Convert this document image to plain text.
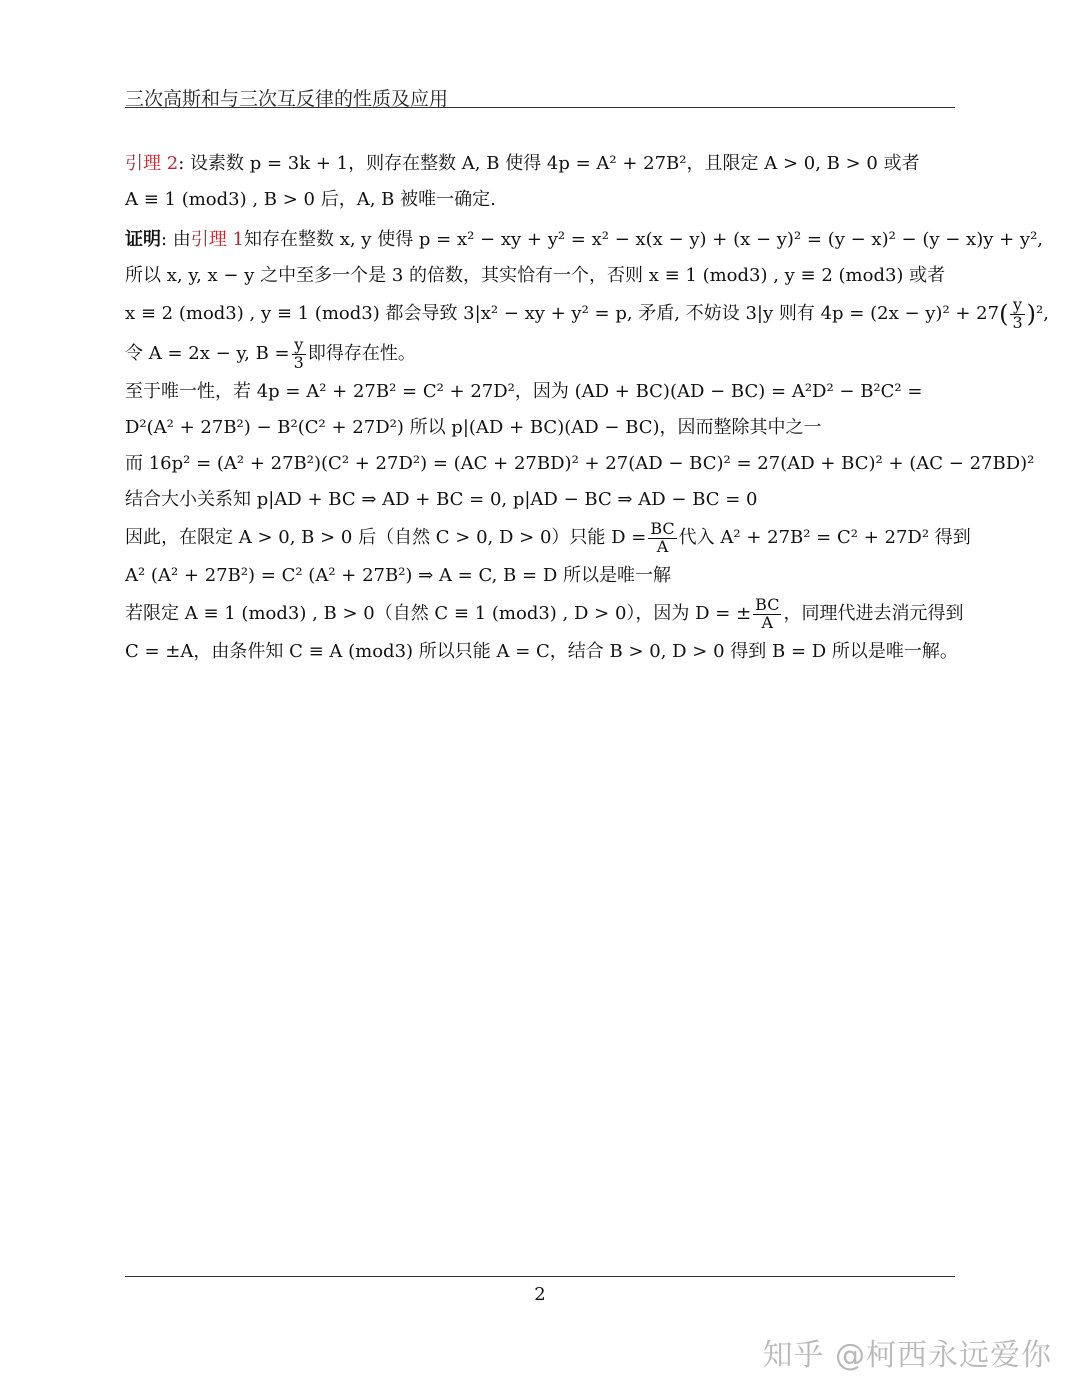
三次高斯和与三次互反律的性质及应用
引理 2: 设素数 p = 3k + 1，则存在整数 A, B 使得 4p = A² + 27B²，且限定 A > 0, B > 0 或者
A ≡ 1 (mod3) , B > 0 后，A, B 被唯一确定.
证明: 由引理 1知存在整数 x, y 使得 p = x² − xy + y² = x² − x(x − y) + (x − y)² = (y − x)² − (y − x)y + y²,
所以 x, y, x − y 之中至多一个是 3 的倍数，其实恰有一个，否则 x ≡ 1 (mod3) , y ≡ 2 (mod3) 或者
x ≡ 2 (mod3) , y ≡ 1 (mod3) 都会导致 3|x² − xy + y² = p, 矛盾, 不妨设 3|y 则有 $4p = (2x - y)^2 + 27( \frac{y}{3} )^2$,
令 A = 2x − y, $B = \frac{y}{3}$ 即得存在性。
至于唯一性，若 4p = A² + 27B² = C² + 27D²，因为 (AD + BC)(AD − BC) = A²D² − B²C² =
D²(A² + 27B²) − B²(C² + 27D²) 所以 p|(AD + BC)(AD − BC)，因而整除其中之一
而 16p² = (A² + 27B²)(C² + 27D²) = (AC + 27BD)² + 27(AD − BC)² = 27(AD + BC)² + (AC − 27BD)²
结合大小关系知 p|AD + BC ⇒ AD + BC = 0, p|AD − BC ⇒ AD − BC = 0
因此，在限定 A > 0, B > 0 后（自然 C > 0, D > 0）只能 $D = \frac{BC}{A}$ 代入 A² + 27B² = C² + 27D² 得到
A² (A² + 27B²) = C² (A² + 27B²) ⇒ A = C, B = D 所以是唯一解
若限定 A ≡ 1 (mod3) , B > 0（自然 C ≡ 1 (mod3) , D > 0），因为 D = ± $\frac{BC}{A}$ ，同理代进去消元得到
C = ±A，由条件知 C ≡ A (mod3) 所以只能 A = C，结合 B > 0, D > 0 得到 B = D 所以是唯一解。
2
知乎 @柯西永远爱你
